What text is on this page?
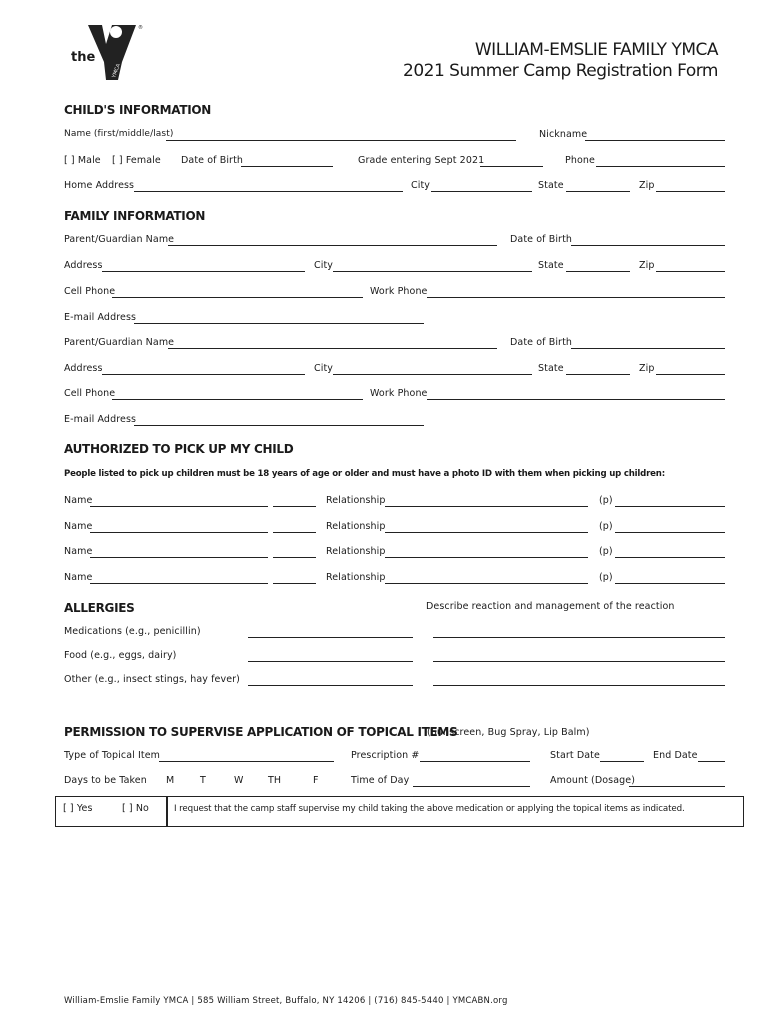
YMCA
®
the	WILLIAM-EMSLIE FAMILY YMCA
2021 Summer Camp Registration Form
CHILD'S INFORMATION
Name (first/middle/last)	Nickname
[ ] Male [ ] Female Date of Birth	Grade entering Sept 2021	Phone
Home Address	City	State	Zip
FAMILY INFORMATION
Parent/Guardian Name	Date of Birth
Address	City	State	Zip
Cell Phone	Work Phone
E-mail Address
Parent/Guardian Name	Date of Birth
Address	City	State	Zip
Cell Phone	Work Phone
E-mail Address
AUTHORIZED TO PICK UP MY CHILD
People listed to pick up children must be 18 years of age or older and must have a photo ID with them when picking up children:
Name	Relationship	(p)
Name	Relationship	(p)
Name	Relationship	(p)
Name	Relationship	(p)
ALLERGIES	Describe reaction and management of the reaction
Medications (e.g., penicillin)
Food (e.g., eggs, dairy)
Other (e.g., insect stings, hay fever)
PERMISSION TO SUPERVISE APPLICATION OF TOPICAL ITEMS
(Sunscreen, Bug Spray, Lip Balm)
Type of Topical Item	Prescription #	Start Date	End Date
Days to be Taken M	T	W	TH	F	Time of Day	Amount (Dosage)
[ ] Yes	[ ] No	I request that the camp staff supervise my child taking the above medication or applying the topical items as indicated.
William-Emslie Family YMCA | 585 William Street, Buffalo, NY 14206 | (716) 845-5440 | YMCABN.org
